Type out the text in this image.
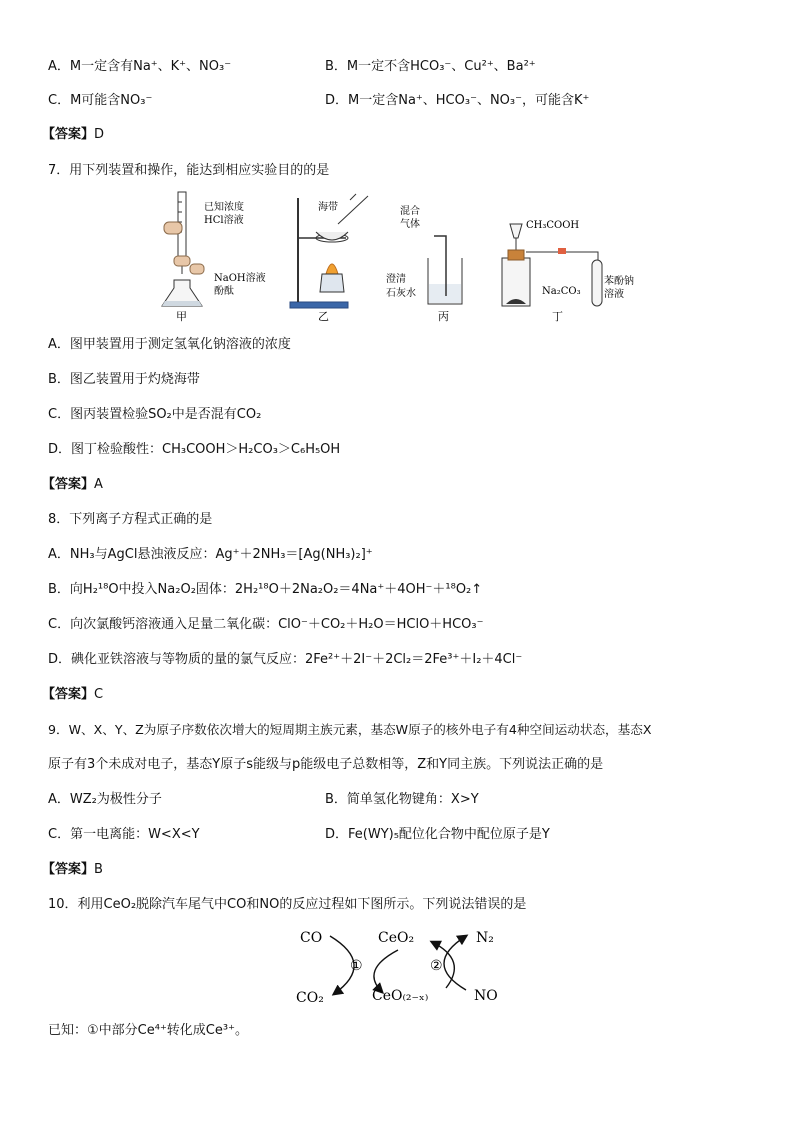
A．M一定含有Na⁺、K⁺、NO₃⁻	B．M一定不含HCO₃⁻、Cu²⁺、Ba²⁺
C．M可能含NO₃⁻	D．M一定含Na⁺、HCO₃⁻、NO₃⁻，可能含K⁺
【答案】D
7．用下列装置和操作，能达到相应实验目的的是
已知浓度
HCl溶液
NaOH溶液
酚酞
甲
海带
乙
混合
气体
澄清
石灰水
丙
CH₃COOH
Na₂CO₃
苯酚钠
溶液
丁
A．图甲装置用于测定氢氧化钠溶液的浓度
B．图乙装置用于灼烧海带
C．图丙装置检验SO₂中是否混有CO₂
D．图丁检验酸性：CH₃COOH＞H₂CO₃＞C₆H₅OH
【答案】A
8．下列离子方程式正确的是
A．NH₃与AgCl悬浊液反应：Ag⁺＋2NH₃＝[Ag(NH₃)₂]⁺
B．向H₂¹⁸O中投入Na₂O₂固体：2H₂¹⁸O＋2Na₂O₂＝4Na⁺＋4OH⁻＋¹⁸O₂↑
C．向次氯酸钙溶液通入足量二氧化碳：ClO⁻＋CO₂＋H₂O＝HClO＋HCO₃⁻
D．碘化亚铁溶液与等物质的量的氯气反应：2Fe²⁺＋2I⁻＋2Cl₂＝2Fe³⁺＋I₂＋4Cl⁻
【答案】C
9．W、X、Y、Z为原子序数依次增大的短周期主族元素，基态W原子的核外电子有4种空间运动状态，基态X
原子有3个未成对电子，基态Y原子s能级与p能级电子总数相等，Z和Y同主族。下列说法正确的是
A．WZ₂为极性分子	B．简单氢化物键角：X>Y
C．第一电离能：W<X<Y	D．Fe(WY)₅配位化合物中配位原子是Y
【答案】B
10．利用CeO₂脱除汽车尾气中CO和NO的反应过程如下图所示。下列说法错误的是
CO	CeO₂	N₂
①	②
CO₂	CeO₍₂₋ₓ₎	NO
已知：①中部分Ce⁴⁺转化成Ce³⁺。
